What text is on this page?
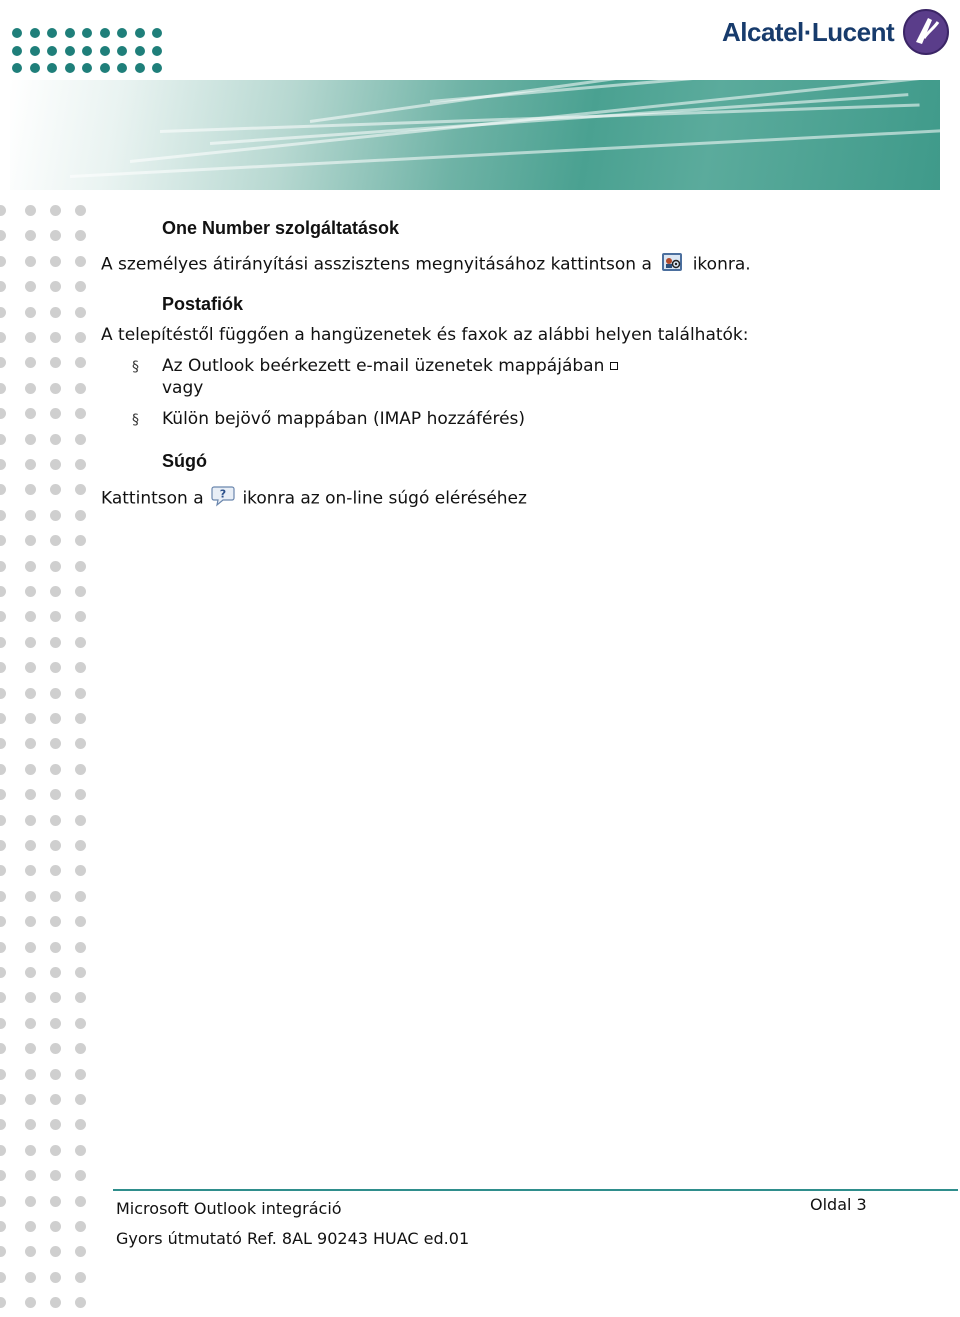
Alcatel·Lucent
One Number szolgáltatások
A személyes átirányítási asszisztens megnyitásához kattintson a ikonra.
Postafiók
A telepítéstől függően a hangüzenetek és faxok az alábbi helyen találhatók:
§ Az Outlook beérkezett e-mail üzenetek mappájában
vagy
§ Külön bejövő mappában (IMAP hozzáférés)
Súgó
Kattintson a ? ikonra az on-line súgó eléréséhez
Microsoft Outlook integráció
Gyors útmutató Ref. 8AL 90243 HUAC ed.01
Oldal 3
